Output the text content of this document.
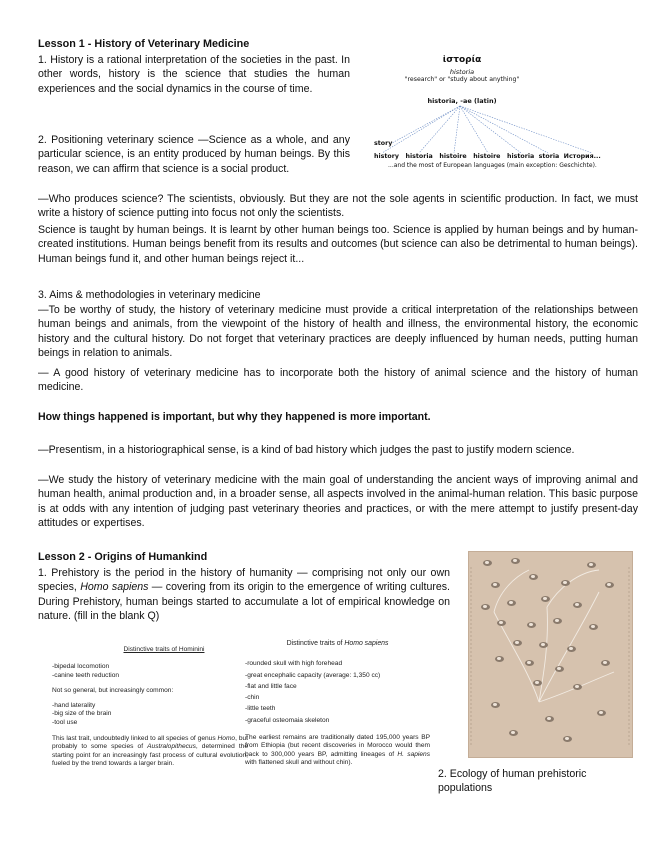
Lesson 1 - History of Veterinary Medicine
1. History is a rational interpretation of the societies in the past. In other words, history is the science that studies the human experiences and the social dynamics in the course of time.
2. Positioning veterinary science —Science as a whole, and any particular science, is an entity produced by human beings. By this reason, we can affirm that science is a social product.
ἱστορία
historia
"research" or "study about anything"
historia, -ae (latin)
story
history historia histoire histoire historia storia История...
...and the most of European languages (main exception: Geschichte).
—Who produces science? The scientists, obviously. But they are not the sole agents in scientific production. In fact, we must write a history of science putting into focus not only the scientists.
Science is taught by human beings. It is learnt by other human beings too. Science is applied by human beings and by human-created institutions. Human beings benefit from its results and outcomes (but science can also be detrimental to human beings). Human beings fund it, and other human beings reject it...
3. Aims & methodologies in veterinary medicine
—To be worthy of study, the history of veterinary medicine must provide a critical interpretation of the relationships between human beings and animals, from the viewpoint of the history of health and illness, the environmental history, the economic history and the cultural history. Do not forget that veterinary practices are deeply influenced by human needs, putting human beings in relation to animals.
— A good history of veterinary medicine has to incorporate both the history of animal science and the history of human medicine.
How things happened is important, but why they happened is more important.
—Presentism, in a historiographical sense, is a kind of bad history which judges the past to justify modern science.
—We study the history of veterinary medicine with the main goal of understanding the ancient ways of improving animal and human health, animal production and, in a broader sense, all aspects involved in the animal-human relation. This basic purpose is at odds with any intention of judging past veterinary theories and practices, or with the mere attempt to justify present-day attitudes or expertises.
Lesson 2 - Origins of Humankind
1. Prehistory is the period in the history of humanity — comprising not only our own species, Homo sapiens — covering from its origin to the emergence of writing cultures. During Prehistory, human beings started to accumulate a lot of empirical knowledge on nature. (fill in the blank Q)
Distinctive traits of Hominini
-bipedal locomotion
-canine teeth reduction
Not so general, but increasingly common:
-hand laterality
-big size of the brain
-tool use
This last trait, undoubtedly linked to all species of genus Homo, but probably to some species of Australopithecus, determined the starting point for an increasingly fast process of cultural evolution, fueled by the trend towards a larger brain.
Distinctive traits of Homo sapiens
-rounded skull with high forehead
-great encephalic capacity (average: 1,350 cc)
-flat and little face
-chin
-little teeth
-graceful osteomaia skeleton
The earliest remains are traditionally dated 195,000 years BP from Ethiopia (but recent discoveries in Morocco would them back to 300,000 years BP, admitting lineages of H. sapiens with flattened skull and without chin).
2. Ecology of human prehistoric populations
